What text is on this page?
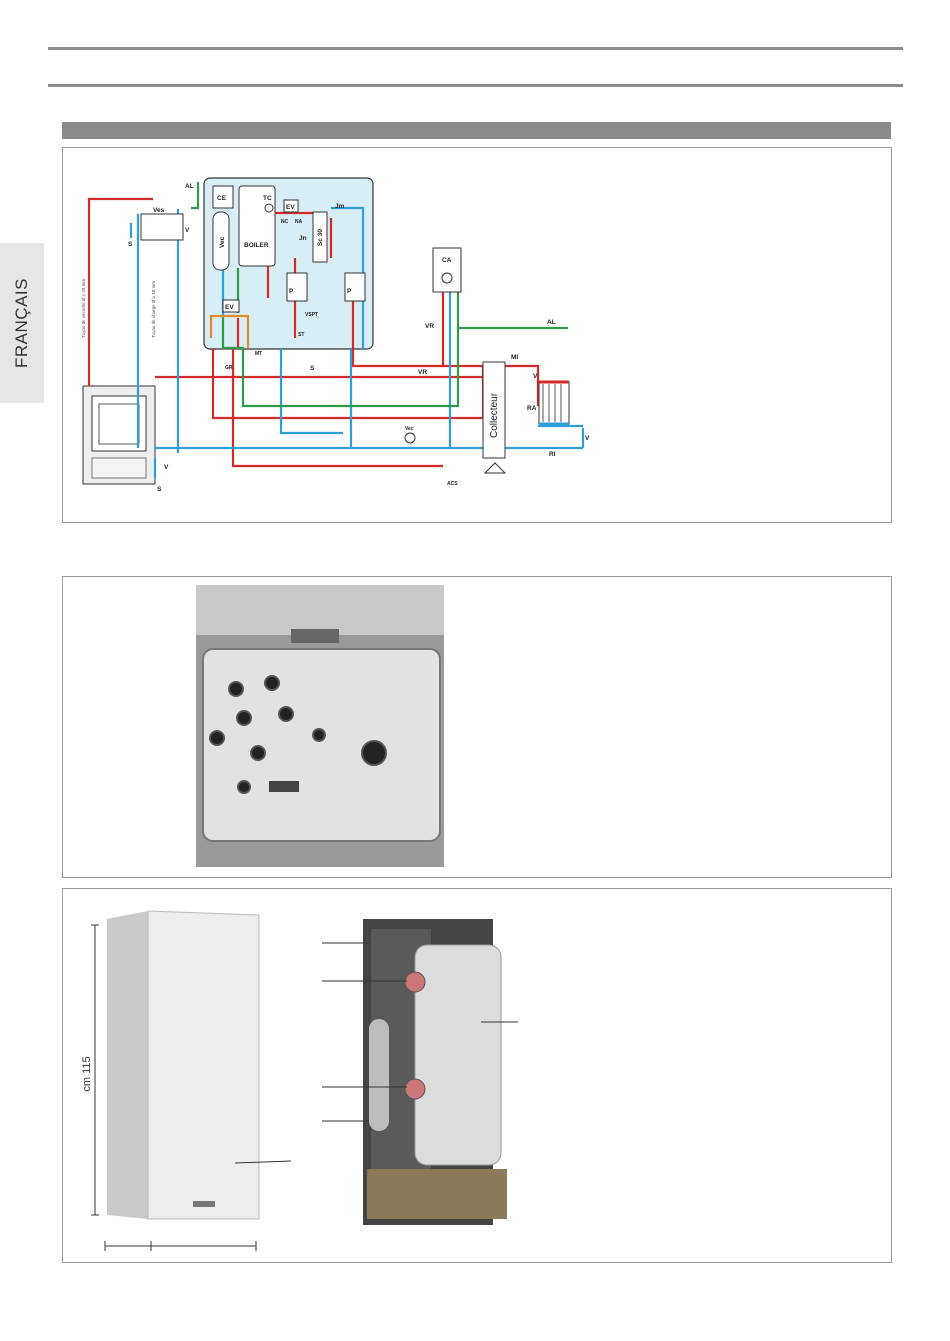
FRANÇAIS
AL
Ves
V
S
CE
Vec	BOILER
TC
EV
NC NA
Jn
Jm
Sc 30
P	P
EV
MT
GR
VSPT
ST
S
CA
VR
AL
VR
MI
V
RA
Collecteur
Vec
V
RI
ACS
V
S
Tuyau de sécurité Ø ≥ 28 mm	Tuyau de charge Ø ≥ 18 mm
cm 115
